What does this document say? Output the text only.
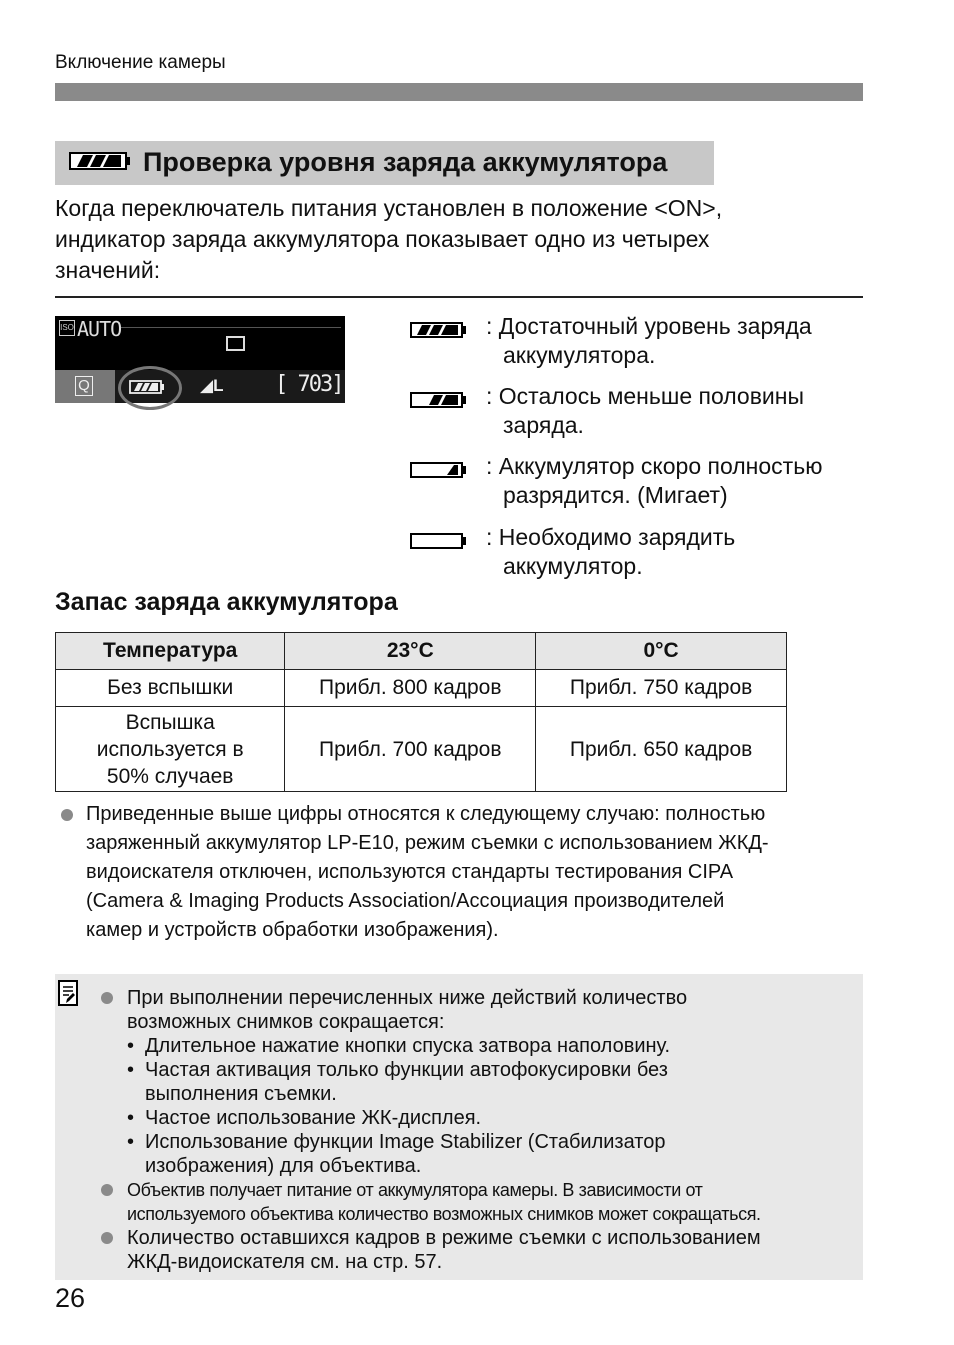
Включение камеры
Проверка уровня заряда аккумулятора

Когда переключатель питания установлен в положение <ON>,

индикатор заряда аккумулятора показывает одно из четырех

значений:

ISO AUTO
Q	◢L [ 703]
: Достаточный уровень заряда
аккумулятора.
: Осталось меньше половины
заряда.
: Аккумулятор скоро полностью
разрядится. (Мигает)
: Необходимо зарядить
аккумулятор.
Запас заряда аккумулятора
Температура	23°C	0°C
Без вспышки	Прибл. 800 кадров	Прибл. 750 кадров

Вспышка
используется в
50% случаев	Прибл. 700 кадров	Прибл. 650 кадров
Приведенные выше цифры относятся к следующему случаю: полностью
заряженный аккумулятор LP-E10, режим съемки с использованием ЖКД-
видоискателя отключен, используются стандарты тестирования CIPA
(Camera & Imaging Products Association/Ассоциация производителей
камер и устройств обработки изображения).
При выполнении перечисленных ниже действий количество
возможных снимков сокращается:
• Длительное нажатие кнопки спуска затвора наполовину.
• Частая активация только функции автофокусировки без
выполнения съемки.
• Частое использование ЖК-дисплея.
• Использование функции Image Stabilizer (Стабилизатор
изображения) для объектива.
Объектив получает питание от аккумулятора камеры. В зависимости от
используемого объектива количество возможных снимков может сокращаться.
Количество оставшихся кадров в режиме съемки с использованием
ЖКД-видоискателя см. на стр. 57.
26
